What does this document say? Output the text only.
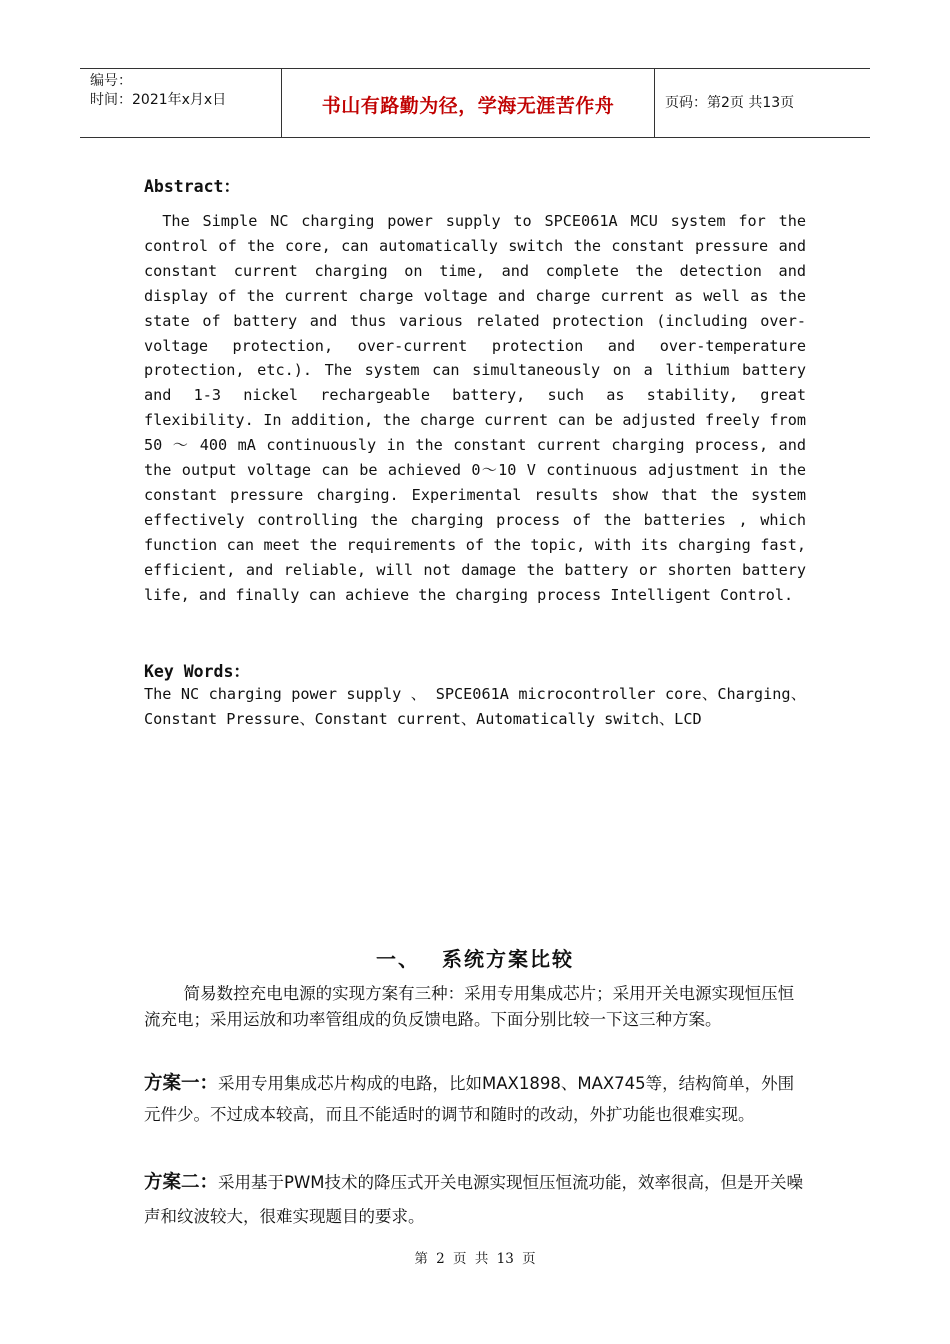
编号：
时间：2021年x月x日	书山有路勤为径，学海无涯苦作舟	页码：第2页 共13页
Abstract：

The Simple NC charging power supply to SPCE061A MCU system for the control of the core, can automatically switch the constant pressure and constant current charging on time, and complete the detection and display of the current charge voltage and charge current as well as the state of battery and thus various related protection (including over-voltage protection, over-current protection and over-temperature protection, etc.). The system can simultaneously on a lithium battery and 1-3 nickel rechargeable battery, such as stability, great flexibility. In addition, the charge current can be adjusted freely from 50 ～ 400 mA continuously in the constant current charging process, and the output voltage can be achieved 0～10 V continuous adjustment in the constant pressure charging. Experimental results show that the system effectively controlling the charging process of the batteries , which function can meet the requirements of the topic, with its charging fast, efficient, and reliable, will not damage the battery or shorten battery life, and finally can achieve the charging process Intelligent Control.

Key Words：
The NC charging power supply 、 SPCE061A microcontroller core、Charging、Constant Pressure、Constant current、Automatically switch、LCD
一、 系统方案比较

简易数控充电电源的实现方案有三种：采用专用集成芯片；采用开关电源实现恒压恒流充电；采用运放和功率管组成的负反馈电路。下面分别比较一下这三种方案。

方案一：采用专用集成芯片构成的电路，比如MAX1898、MAX745等，结构简单，外围元件少。不过成本较高，而且不能适时的调节和随时的改动，外扩功能也很难实现。

方案二：采用基于PWM技术的降压式开关电源实现恒压恒流功能，效率很高，但是开关噪声和纹波较大，很难实现题目的要求。

第 2 页 共 13 页
